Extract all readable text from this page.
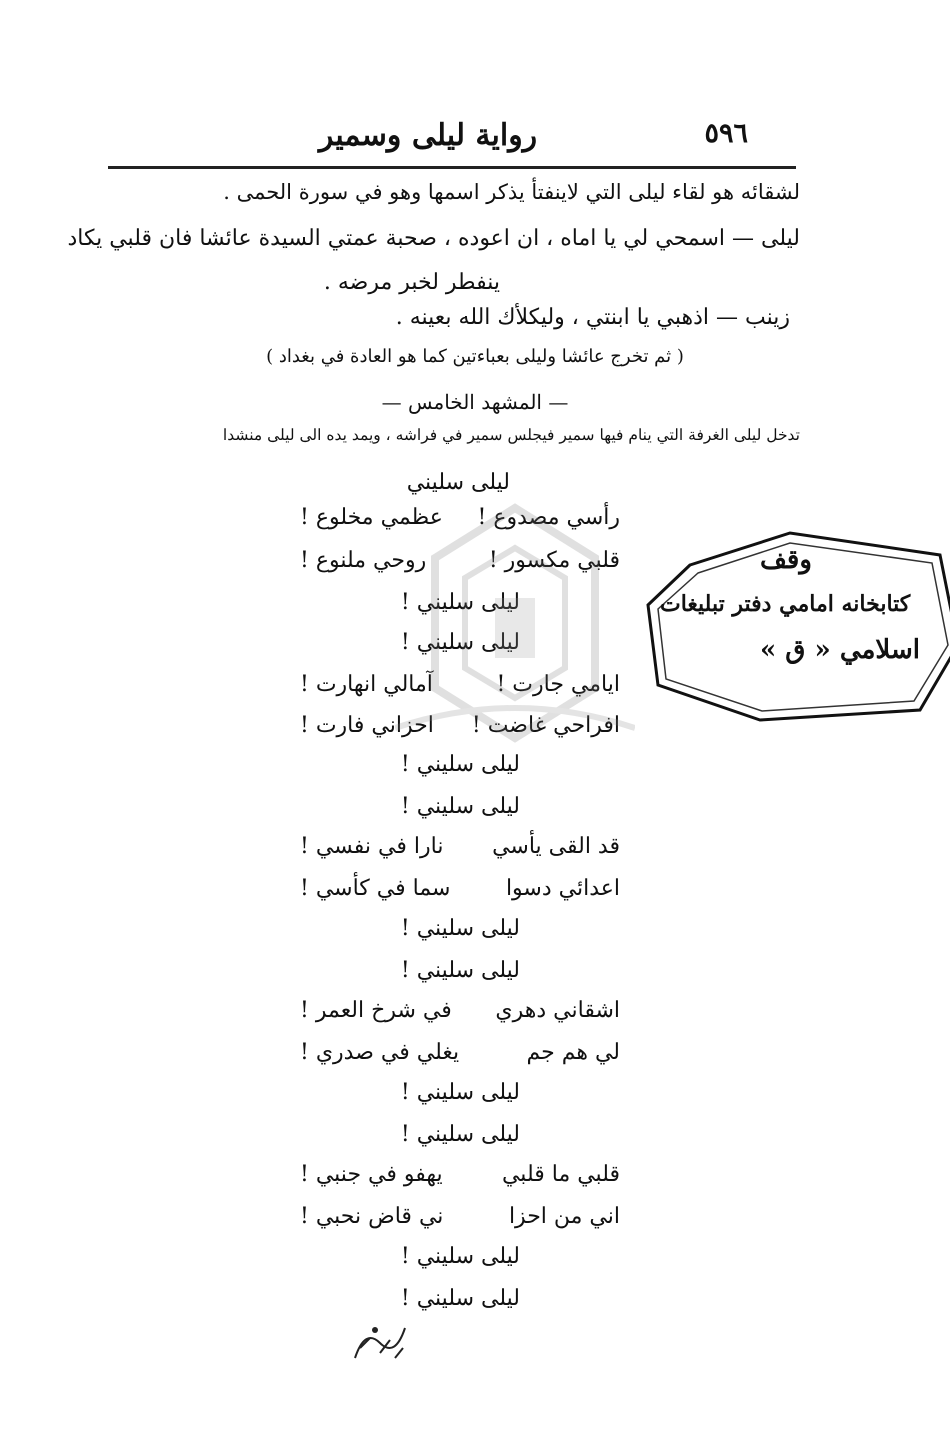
٥٩٦
رواية ليلى وسمير
لشقائه هو لقاء ليلى التي لاينفتأ يذكر اسمها وهو في سورة الحمى .
ليلى — اسمحي لي يا اماه ، ان اعوده ، صحبة عمتي السيدة عائشا فان قلبي يكاد
ينفطر لخبر مرضه .
زينب — اذهبي يا ابنتي ، وليكلأك الله بعينه .
( ثم تخرج عائشا وليلى بعباءتين كما هو العادة في بغداد )
— المشهد الخامس —
تدخل ليلى الغرفة التي ينام فيها سمير فيجلس سمير في فراشه ، ويمد يده الى ليلى منشدا
ليلى سليني
رأسي مصدوع !
عظمي مخلوع !
قلبي مكسور !
روحي ملنوع !
ليلى سليني !
ليلى سليني !
ايامي جارت !
آمالي انهارت !
افراحي غاضت !
احزاني فارت !
ليلى سليني !
ليلى سليني !
قد القى يأسي
نارا في نفسي !
اعدائي دسوا
سما في كأسي !
ليلى سليني !
ليلى سليني !
اشقاني دهري
في شرخ العمر !
لي هم جم
يغلي في صدري !
ليلى سليني !
ليلى سليني !
قلبي ما قلبي
يهفو في جنبي !
اني من احزا
ني قاض نحبي !
ليلى سليني !
ليلى سليني !
وقف
كتابخانه امامي دفتر تبليغات
اسلامي « ق »
